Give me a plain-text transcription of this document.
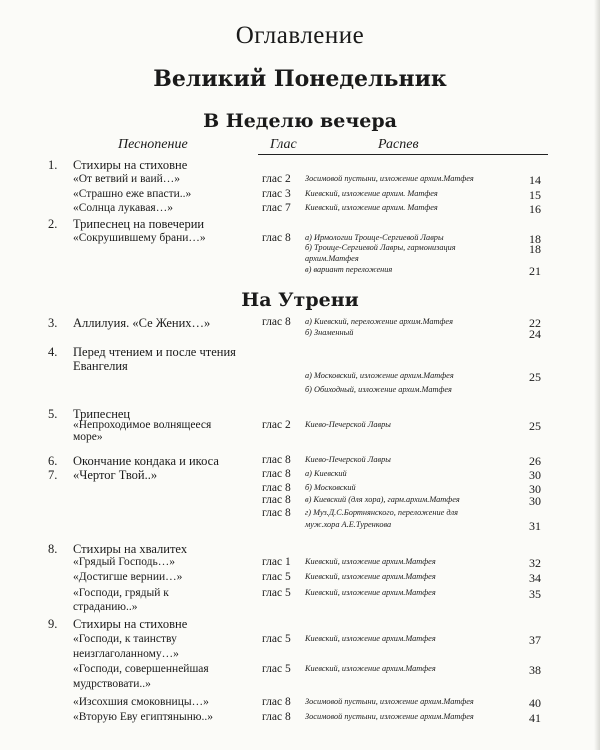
Оглавление
Великий Понедельник
В Неделю вечера
На Утрени
Песнопение	Глас	Распев
1. Стихиры на стиховне
«От ветвий и ваий…»	глас 2 Зосимовой пустыни, изложение архим.Матфея	14
«Страшно еже впасти..»	глас 3 Киевский, изложение архим. Матфея	15
«Солнца лукавая…»	глас 7 Киевский, изложение архим. Матфея	16
2. Трипеснец на повечерии
«Сокрушившему брани…»	глас 8 а) Ирмологии Троице-Сергиевой Лавры	18
б) Троице-Сергиевой Лавры, гармонизация	18
архим.Матфея
в) вариант переложения	21
3. Аллилуия. «Се Жених…»	глас 8 а) Киевский, переложение архим.Матфея	22
б) Знаменный	24
4. Перед чтением и после чтения
Евангелия
а) Московский, изложение архим.Матфея	25
б) Обиходный, изложение архим.Матфея
5. Трипеснец
«Непроходимое волнящееся	глас 2 Киево-Печерской Лавры	25
море»
6. Окончание кондака и икоса	глас 8 Киево-Печерской Лавры	26
7. «Чертог Твой..»	глас 8 а) Киевский	30
глас 8 б) Московский	30
глас 8 в) Киевский (для хора), гарм.архим.Матфея	30
глас 8 г) Муз.Д.С.Бортнянского, переложение для
муж.хора А.Е.Туренкова	31
8. Стихиры на хвалитех
«Грядый Господь…»	глас 1 Киевский, изложение архим.Матфея	32
«Достигше вернии…»	глас 5 Киевский, изложение архим.Матфея	34
«Господи, грядый к	глас 5 Киевский, изложение архим.Матфея	35
страданию..»
9. Стихиры на стиховне
«Господи, к таинству	глас 5 Киевский, изложение архим.Матфея	37
неизглаголанному…»
«Господи, совершеннейшая	глас 5 Киевский, изложение архим.Матфея	38
мудрствовати..»
«Изсохшия смоковницы…»	глас 8 Зосимовой пустыни, изложение архим.Матфея	40
«Вторую Еву египтяныню..»	глас 8 Зосимовой пустыни, изложение архим.Матфея	41
